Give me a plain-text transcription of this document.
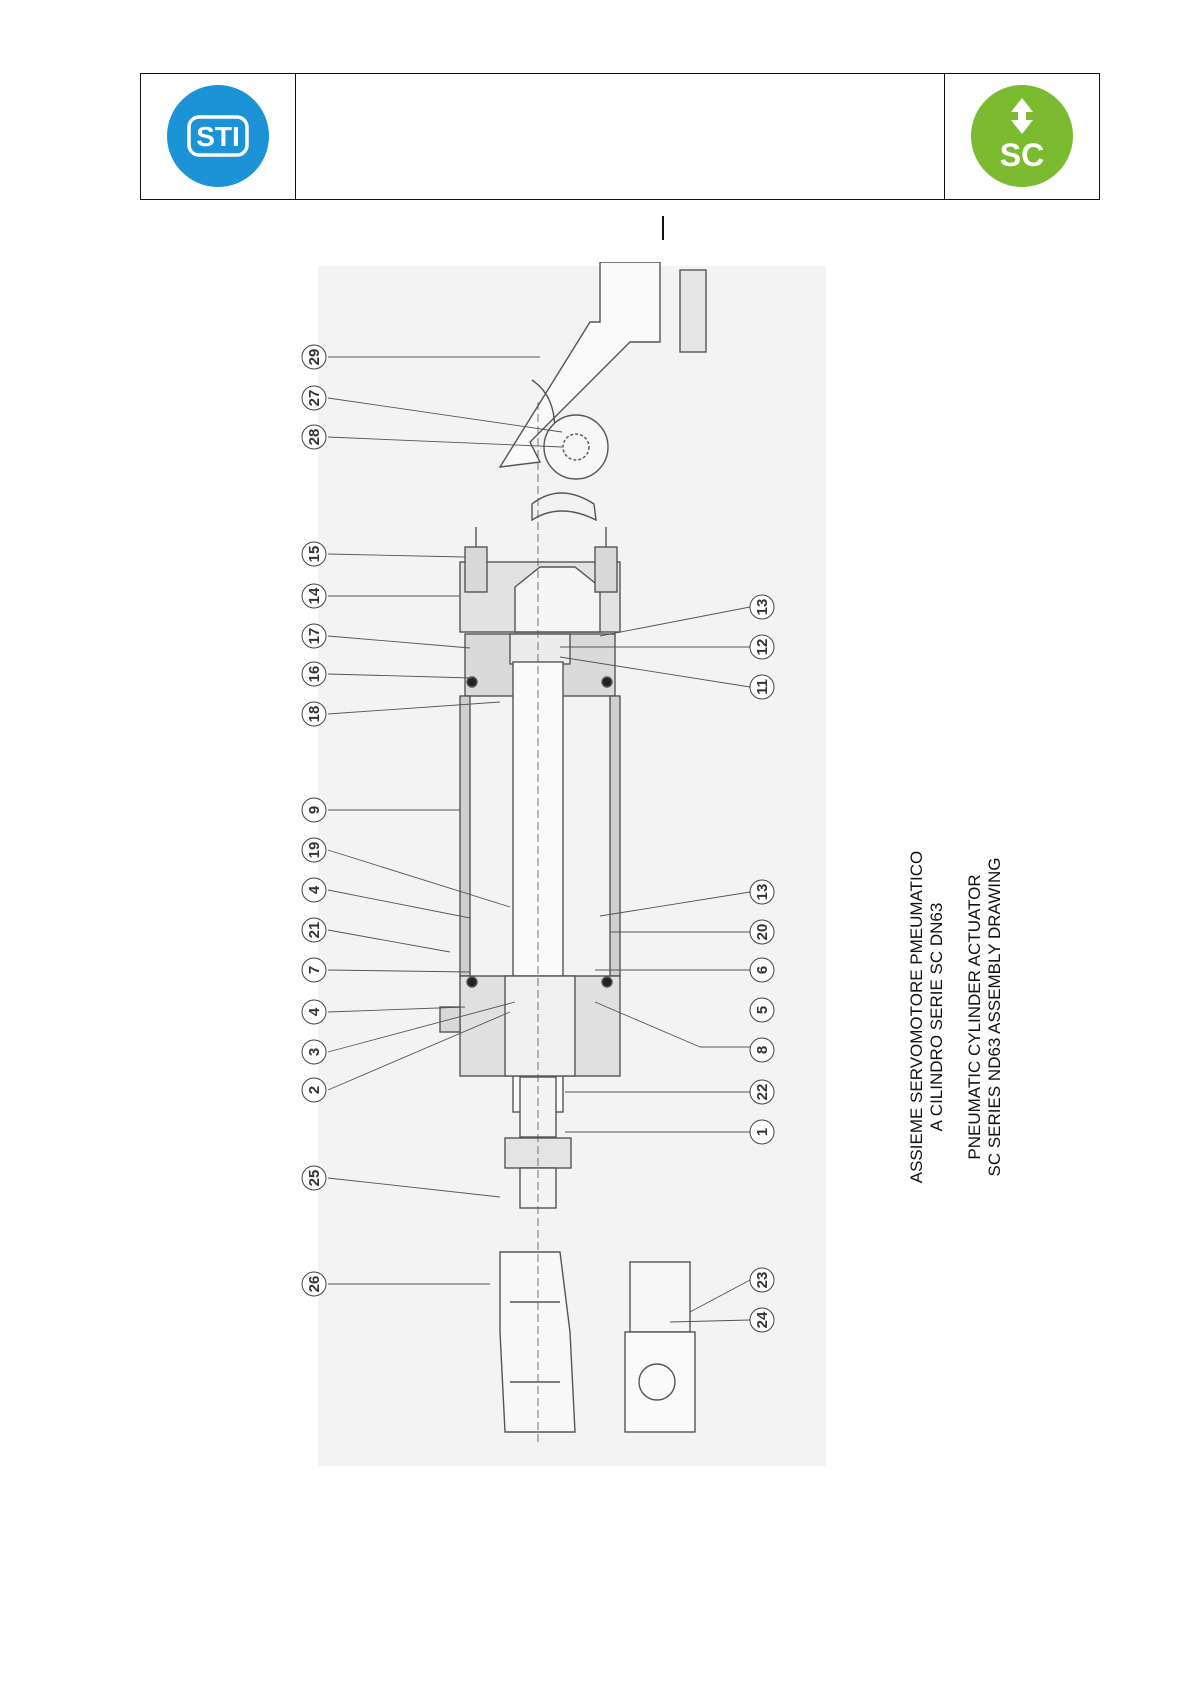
STI
SC
29
27
28
15
14
17
16
18
9
19
4
21
7
4
3
2
25
26
13
12
11
13
20
6
5
8
22
1
23
24
ASSIEME SERVOMOTORE PMEUMATICO A CILINDRO SERIE SC DN63 PNEUMATIC CYLINDER ACTUATOR SC SERIES ND63 ASSEMBLY DRAWING
